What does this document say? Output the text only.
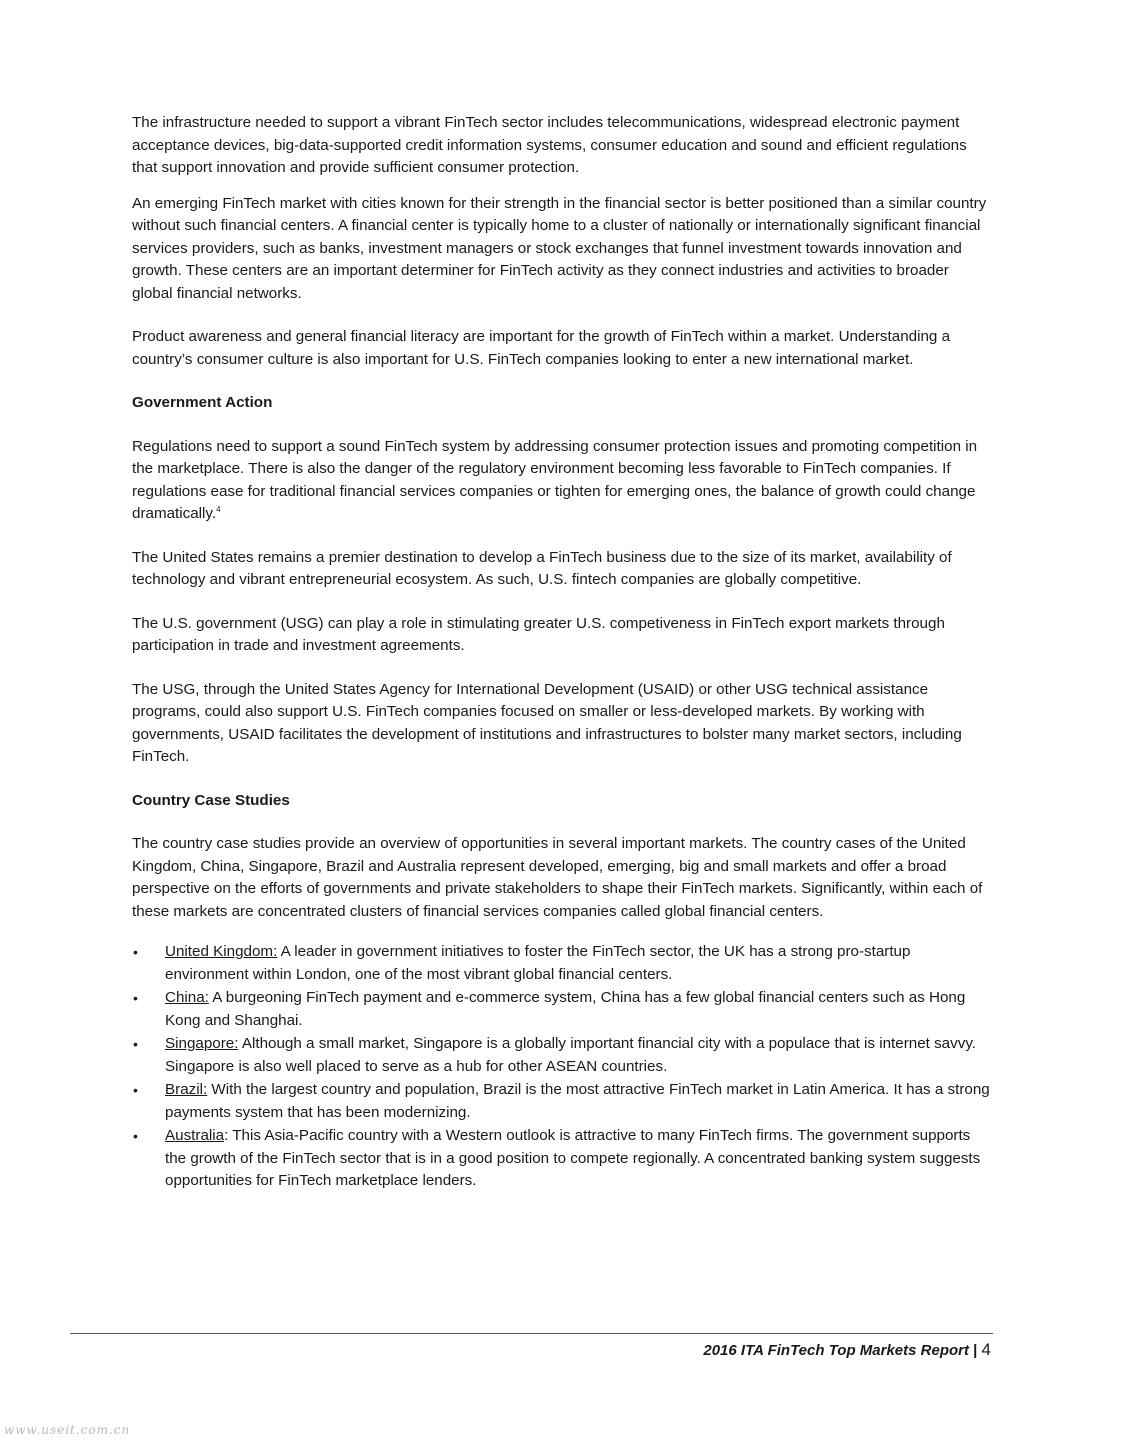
The infrastructure needed to support a vibrant FinTech sector includes telecommunications, widespread electronic payment acceptance devices, big-data-supported credit information systems, consumer education and sound and efficient regulations that support innovation and provide sufficient consumer protection.

An emerging FinTech market with cities known for their strength in the financial sector is better positioned than a similar country without such financial centers. A financial center is typically home to a cluster of nationally or internationally significant financial services providers, such as banks, investment managers or stock exchanges that funnel investment towards innovation and growth. These centers are an important determiner for FinTech activity as they connect industries and activities to broader global financial networks.

Product awareness and general financial literacy are important for the growth of FinTech within a market. Understanding a country’s consumer culture is also important for U.S. FinTech companies looking to enter a new international market.

Government Action

Regulations need to support a sound FinTech system by addressing consumer protection issues and promoting competition in the marketplace. There is also the danger of the regulatory environment becoming less favorable to FinTech companies. If regulations ease for traditional financial services companies or tighten for emerging ones, the balance of growth could change dramatically.$^4$

The United States remains a premier destination to develop a FinTech business due to the size of its market, availability of technology and vibrant entrepreneurial ecosystem. As such, U.S. fintech companies are globally competitive.

The U.S. government (USG) can play a role in stimulating greater U.S. competiveness in FinTech export markets through participation in trade and investment agreements.

The USG, through the United States Agency for International Development (USAID) or other USG technical assistance programs, could also support U.S. FinTech companies focused on smaller or less-developed markets. By working with governments, USAID facilitates the development of institutions and infrastructures to bolster many market sectors, including FinTech.

Country Case Studies

The country case studies provide an overview of opportunities in several important markets. The country cases of the United Kingdom, China, Singapore, Brazil and Australia represent developed, emerging, big and small markets and offer a broad perspective on the efforts of governments and private stakeholders to shape their FinTech markets. Significantly, within each of these markets are concentrated clusters of financial services companies called global financial centers.

• United Kingdom: A leader in government initiatives to foster the FinTech sector, the UK has a strong pro-startup environment within London, one of the most vibrant global financial centers.
• China: A burgeoning FinTech payment and e-commerce system, China has a few global financial centers such as Hong Kong and Shanghai.
• Singapore: Although a small market, Singapore is a globally important financial city with a populace that is internet savvy. Singapore is also well placed to serve as a hub for other ASEAN countries.
• Brazil: With the largest country and population, Brazil is the most attractive FinTech market in Latin America. It has a strong payments system that has been modernizing.
• Australia: This Asia-Pacific country with a Western outlook is attractive to many FinTech firms. The government supports the growth of the FinTech sector that is in a good position to compete regionally. A concentrated banking system suggests opportunities for FinTech marketplace lenders.
2016 ITA FinTech Top Markets Report | 4
www.useit.com.cn
